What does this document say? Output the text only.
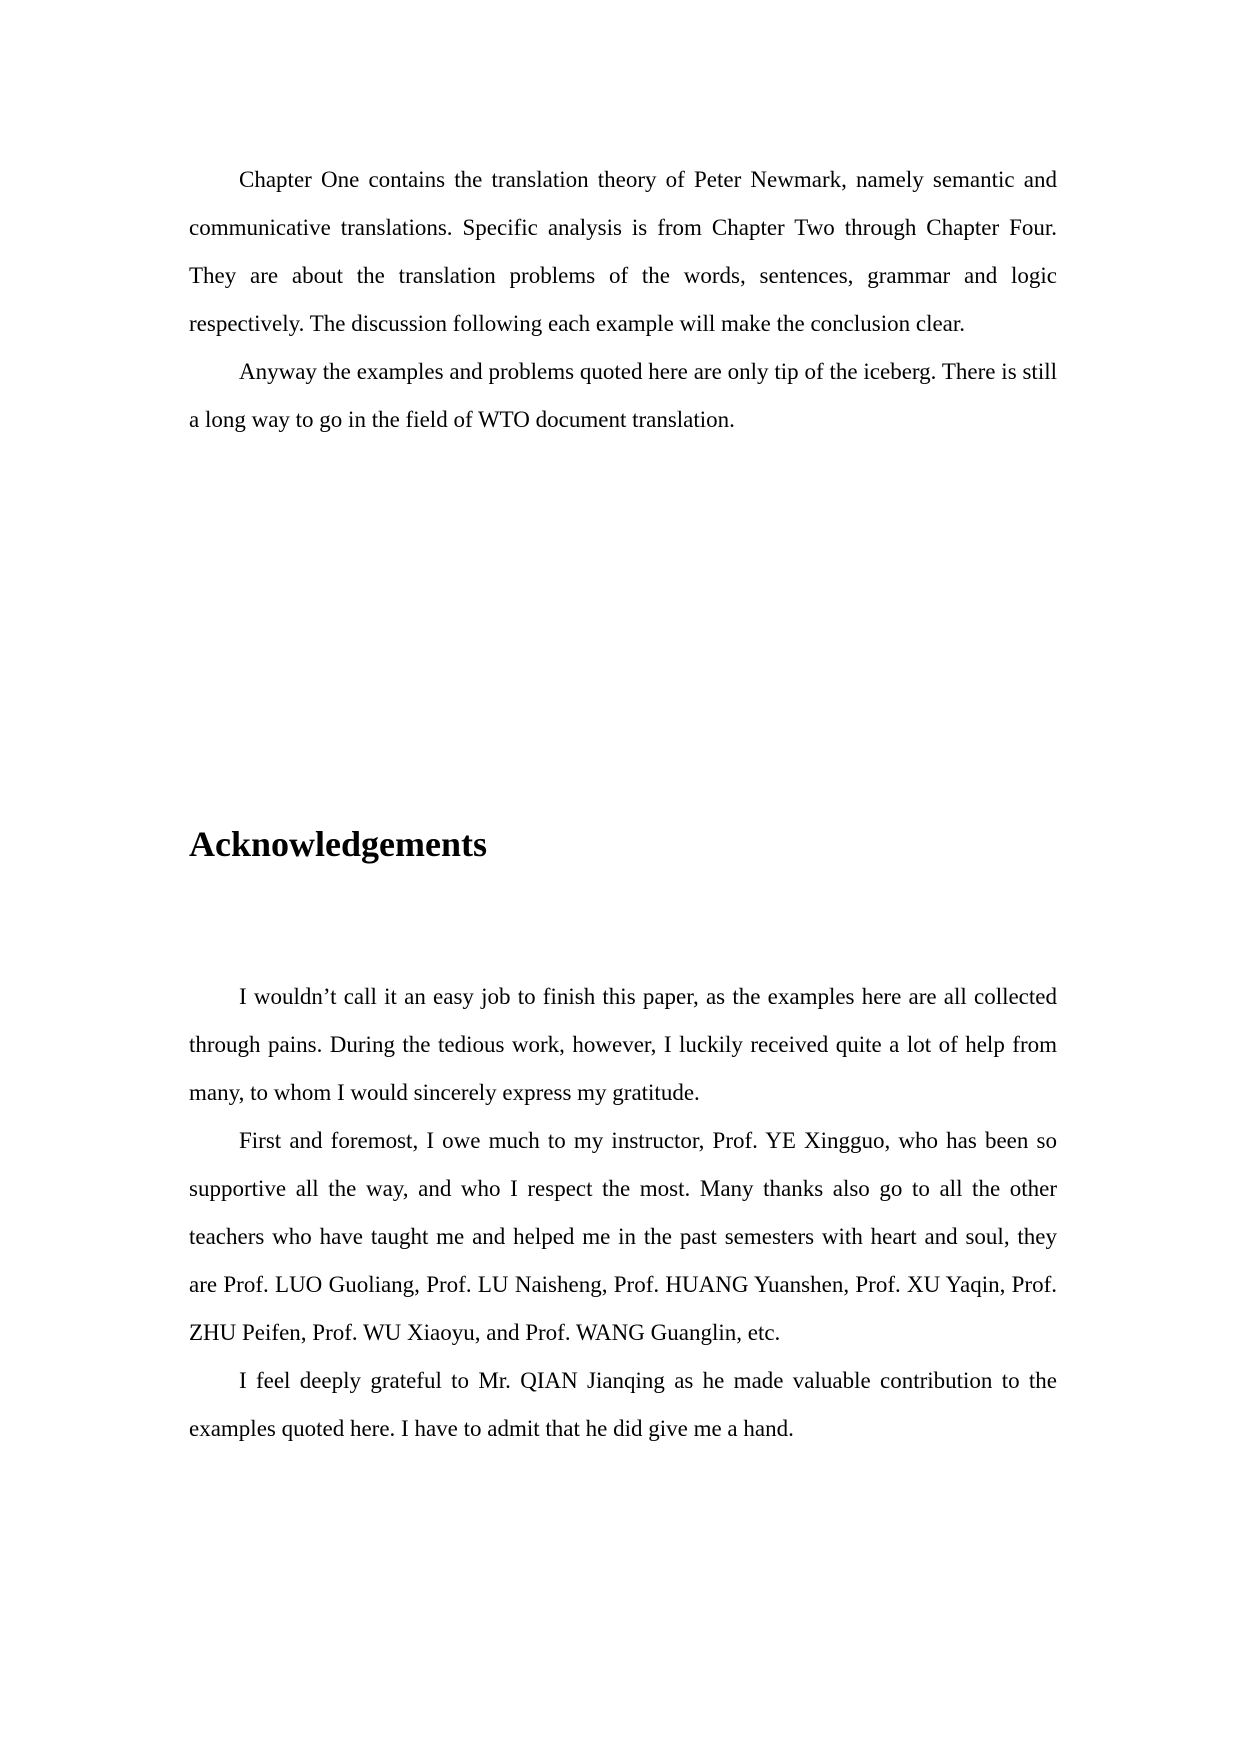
Chapter One contains the translation theory of Peter Newmark, namely semantic and communicative translations. Specific analysis is from Chapter Two through Chapter Four. They are about the translation problems of the words, sentences, grammar and logic respectively. The discussion following each example will make the conclusion clear.

Anyway the examples and problems quoted here are only tip of the iceberg. There is still a long way to go in the field of WTO document translation.

Acknowledgements

I wouldn’t call it an easy job to finish this paper, as the examples here are all collected through pains. During the tedious work, however, I luckily received quite a lot of help from many, to whom I would sincerely express my gratitude.

First and foremost, I owe much to my instructor, Prof. YE Xingguo, who has been so supportive all the way, and who I respect the most. Many thanks also go to all the other teachers who have taught me and helped me in the past semesters with heart and soul, they are Prof. LUO Guoliang, Prof. LU Naisheng, Prof. HUANG Yuanshen, Prof. XU Yaqin, Prof. ZHU Peifen, Prof. WU Xiaoyu, and Prof. WANG Guanglin, etc.

I feel deeply grateful to Mr. QIAN Jianqing as he made valuable contribution to the examples quoted here. I have to admit that he did give me a hand.
